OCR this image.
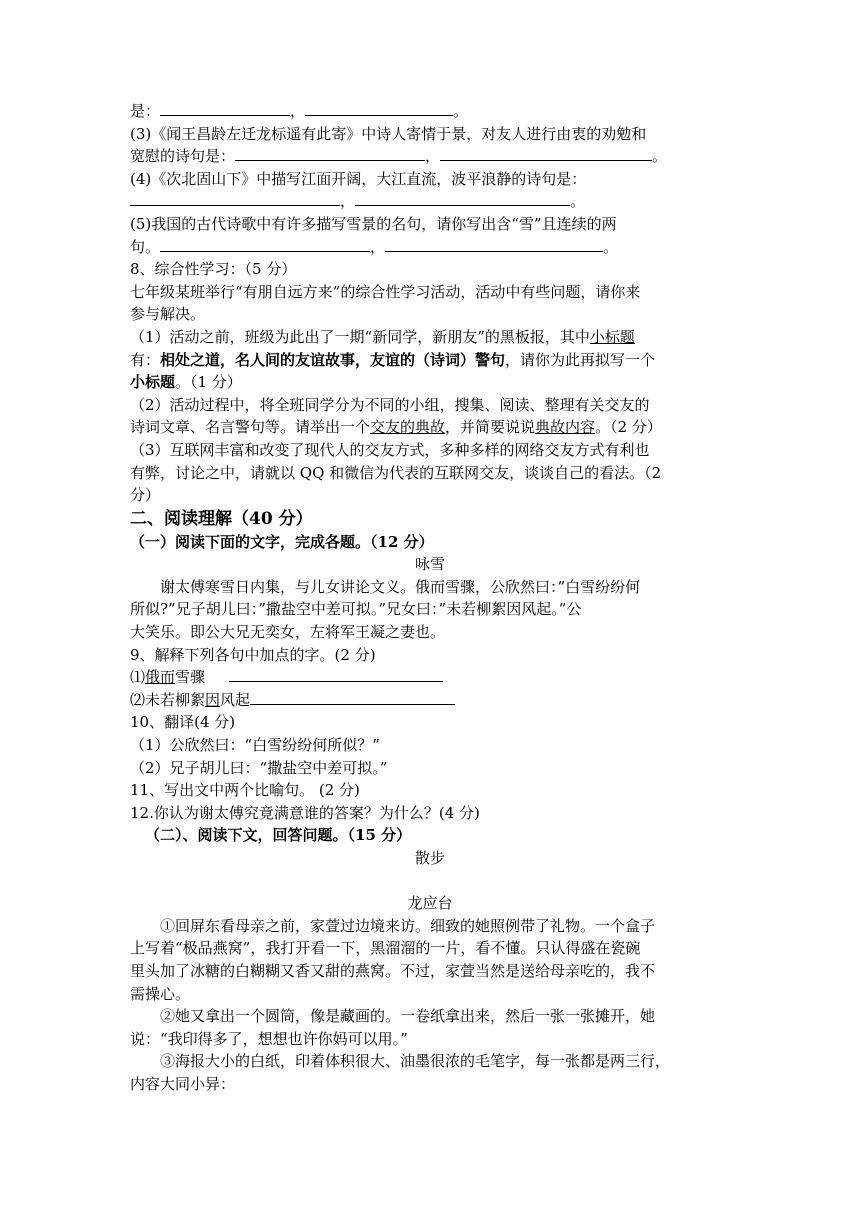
是：	，	。
(3)《闻王昌龄左迁龙标遥有此寄》中诗人寄情于景，对友人进行由衷的劝勉和
宽慰的诗句是：	，	。
(4)《次北固山下》中描写江面开阔，大江直流，波平浪静的诗句是：
，	。
(5)我国的古代诗歌中有许多描写雪景的名句，请你写出含“雪”且连续的两
句。	，	。
8、综合性学习：（5 分）
七年级某班举行“有朋自远方来”的综合性学习活动，活动中有些问题，请你来
参与解决。
（1）活动之前，班级为此出了一期“新同学，新朋友”的黑板报，其中小标题
有：相处之道，名人间的友谊故事，友谊的（诗词）警句，请你为此再拟写一个
小标题。（1 分）
（2）活动过程中，将全班同学分为不同的小组，搜集、阅读、整理有关交友的
诗词文章、名言警句等。请举出一个交友的典故，并简要说说典故内容。（2 分）
（3）互联网丰富和改变了现代人的交友方式，多种多样的网络交友方式有利也
有弊，讨论之中，请就以 QQ 和微信为代表的互联网交友，谈谈自己的看法。（2
分）
二、阅读理解（40 分）
（一）阅读下面的文字，完成各题。（12 分）
咏雪
谢太傅寒雪日内集，与儿女讲论文义。俄而雪骤，公欣然曰：”白雪纷纷何
所似?”兄子胡儿曰：”撒盐空中差可拟。”兄女曰：”未若柳絮因风起。”公
大笑乐。即公大兄无奕女，左将军王凝之妻也。
9、解释下列各句中加点的字。(2 分)
⑴俄而雪骤
⑵未若柳絮因风起
10、翻译(4 分)
（1）公欣然曰：“白雪纷纷何所似？”
（2）兄子胡儿曰：“撒盐空中差可拟。”
11、写出文中两个比喻句。 (2 分)
12.你认为谢太傅究竟满意谁的答案？为什么？(4 分)
（二）、阅读下文，回答问题。（15 分）
散步
龙应台
①回屏东看母亲之前，家萱过边境来访。细致的她照例带了礼物。一个盒子
上写着“极品燕窝”，我打开看一下，黑溜溜的一片，看不懂。只认得盛在瓷碗
里头加了冰糖的白糊糊又香又甜的燕窝。不过，家萱当然是送给母亲吃的，我不
需操心。
②她又拿出一个圆筒，像是藏画的。一卷纸拿出来，然后一张一张摊开，她
说：“我印得多了，想想也许你妈可以用。”
③海报大小的白纸，印着体积很大、油墨很浓的毛笔字，每一张都是两三行，
内容大同小异：
